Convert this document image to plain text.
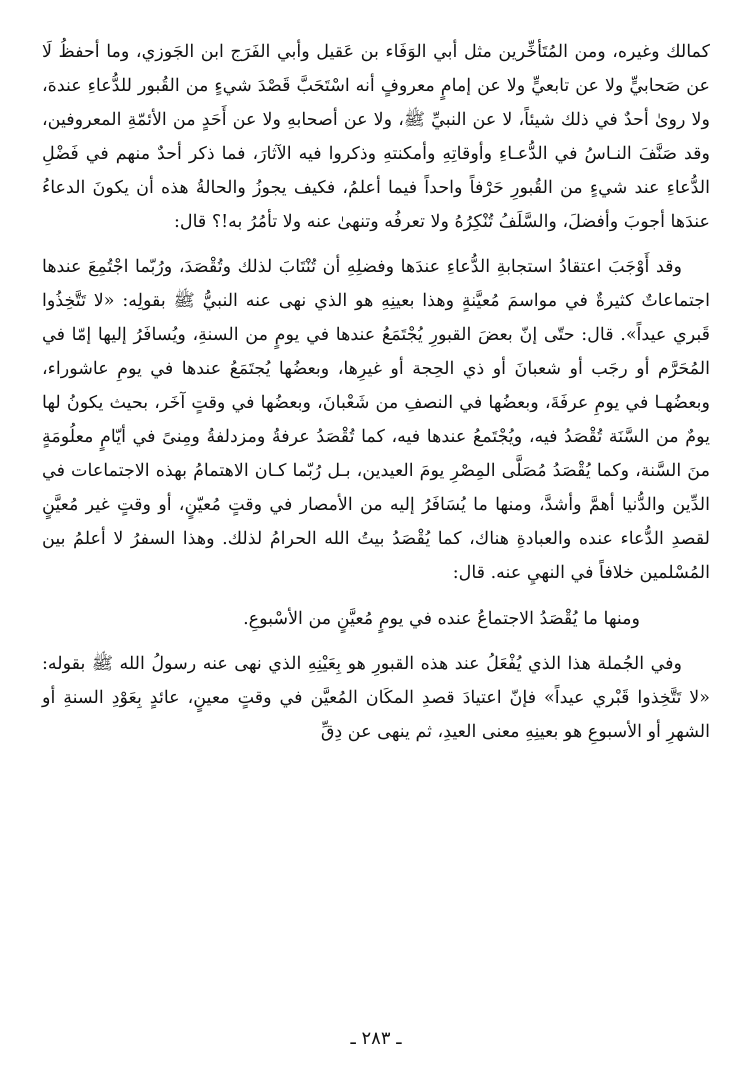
كمالك وغيره، ومن المُتَأخِّرين مثل أبي الوَفَاء بن عَقيل وأبي الفَرَج ابن الجَوزي، وما أحفظُ لَا عن صَحابيٍّ ولا عن تابعيٍّ ولا عن إمامٍ معروفٍ أنه اسْتَحَبَّ قَصْدَ شيءٍ من القُبور للدُّعاءِ عندهَ، ولا روىٰ أحدٌ في ذلك شيئاً، لا عن النبيِّ ﷺ، ولا عن أصحابهِ ولا عن أَحَدٍ من الأئمّةِ المعروفين، وقد صَنَّفَ النـاسُ في الدُّعـاءِ وأوقاتِهِ وأمكنتهِ وذكروا فيه الآثارَ، فما ذكر أحدٌ منهم في فَضْلِ الدُّعاءِ عند شيءٍ من القُبورِ حَرْفاً واحداً فيما أعلمُ، فكيف يجوزُ والحالةُ هذه أن يكونَ الدعاءُ عندَها أجوبَ وأفضلَ، والسَّلَفُ تُنْكِرُهُ ولا تعرفُه وتنهىٰ عنه ولا تأمُرُ به!؟ قال:

وقد أَوْجَبَ اعتقادُ استجابةِ الدُّعاءِ عندَها وفضلِهِ أن تُنْتَابَ لذلك وتُقْصَدَ، ورُبّما اجْتُمِعَ عندها اجتماعاتٌ كثيرةٌ في مواسمَ مُعيَّنةٍ وهذا بعينِهِ هو الذي نهى عنه النبيُّ ﷺ بقولِه: «لا تَتَّخِذُوا قَبري عيداً». قال: حتّى إنّ بعضَ القبورِ يُجْتَمَعُ عندها في يومٍ من السنةِ، ويُسافَرُ إليها إمّا في المُحَرَّم أو رجَب أو شعبانَ أو ذي الحِجة أو غيرِها، وبعضُها يُجتَمَعُ عندها في يومِ عاشوراء، وبعضُهـا في يومِ عرفَةَ، وبعضُها في النصفِ من شَعْبانَ، وبعضُها في وقتٍ آخَر، بحيث يكونُ لها يومٌ من السَّنَة تُقْصَدُ فيه، ويُجْتَمعُ عندها فيه، كما تُقْصَدُ عرفةُ ومزدلفةُ ومِنىً في أيّامٍ معلُومَةٍ منَ السَّنة، وكما يُقْصَدُ مُصَلَّى المِصْرِ يومَ العيدين، بـل رُبّما كـان الاهتمامُ بهذه الاجتماعات في الدِّين والدُّنيا أهمَّ وأشدَّ، ومنها ما يُسَافَرُ إليه من الأمصار في وقتٍ مُعيّنٍ، أو وقتٍ غير مُعيَّنٍ لقصدِ الدُّعاء عنده والعبادةِ هناك، كما يُقْصَدُ بيتُ الله الحرامُ لذلك. وهذا السفرُ لا أعلمُ بين المُسْلمين خلافاً في النهيِ عنه. قال:

ومنها ما يُقْصَدُ الاجتماعُ عنده في يومٍ مُعيَّنٍ من الأسْبوعِ.

وفي الجُملة هذا الذي يُفْعَلُ عند هذه القبورِ هو بِعَيْنِهِ الذي نهى عنه رسولُ الله ﷺ بقوله: «لا تَتَّخِذوا قَبْري عيداً» فإنّ اعتيادَ قصدِ المكَان المُعيَّن في وقتٍ معينٍ، عائدٍ بِعَوْدِ السنةِ أو الشهرِ أو الأسبوعِ هو بعينِهِ معنى العيدِ، ثم ينهى عن دِقِّ

ـ ٢٨٣ ـ
